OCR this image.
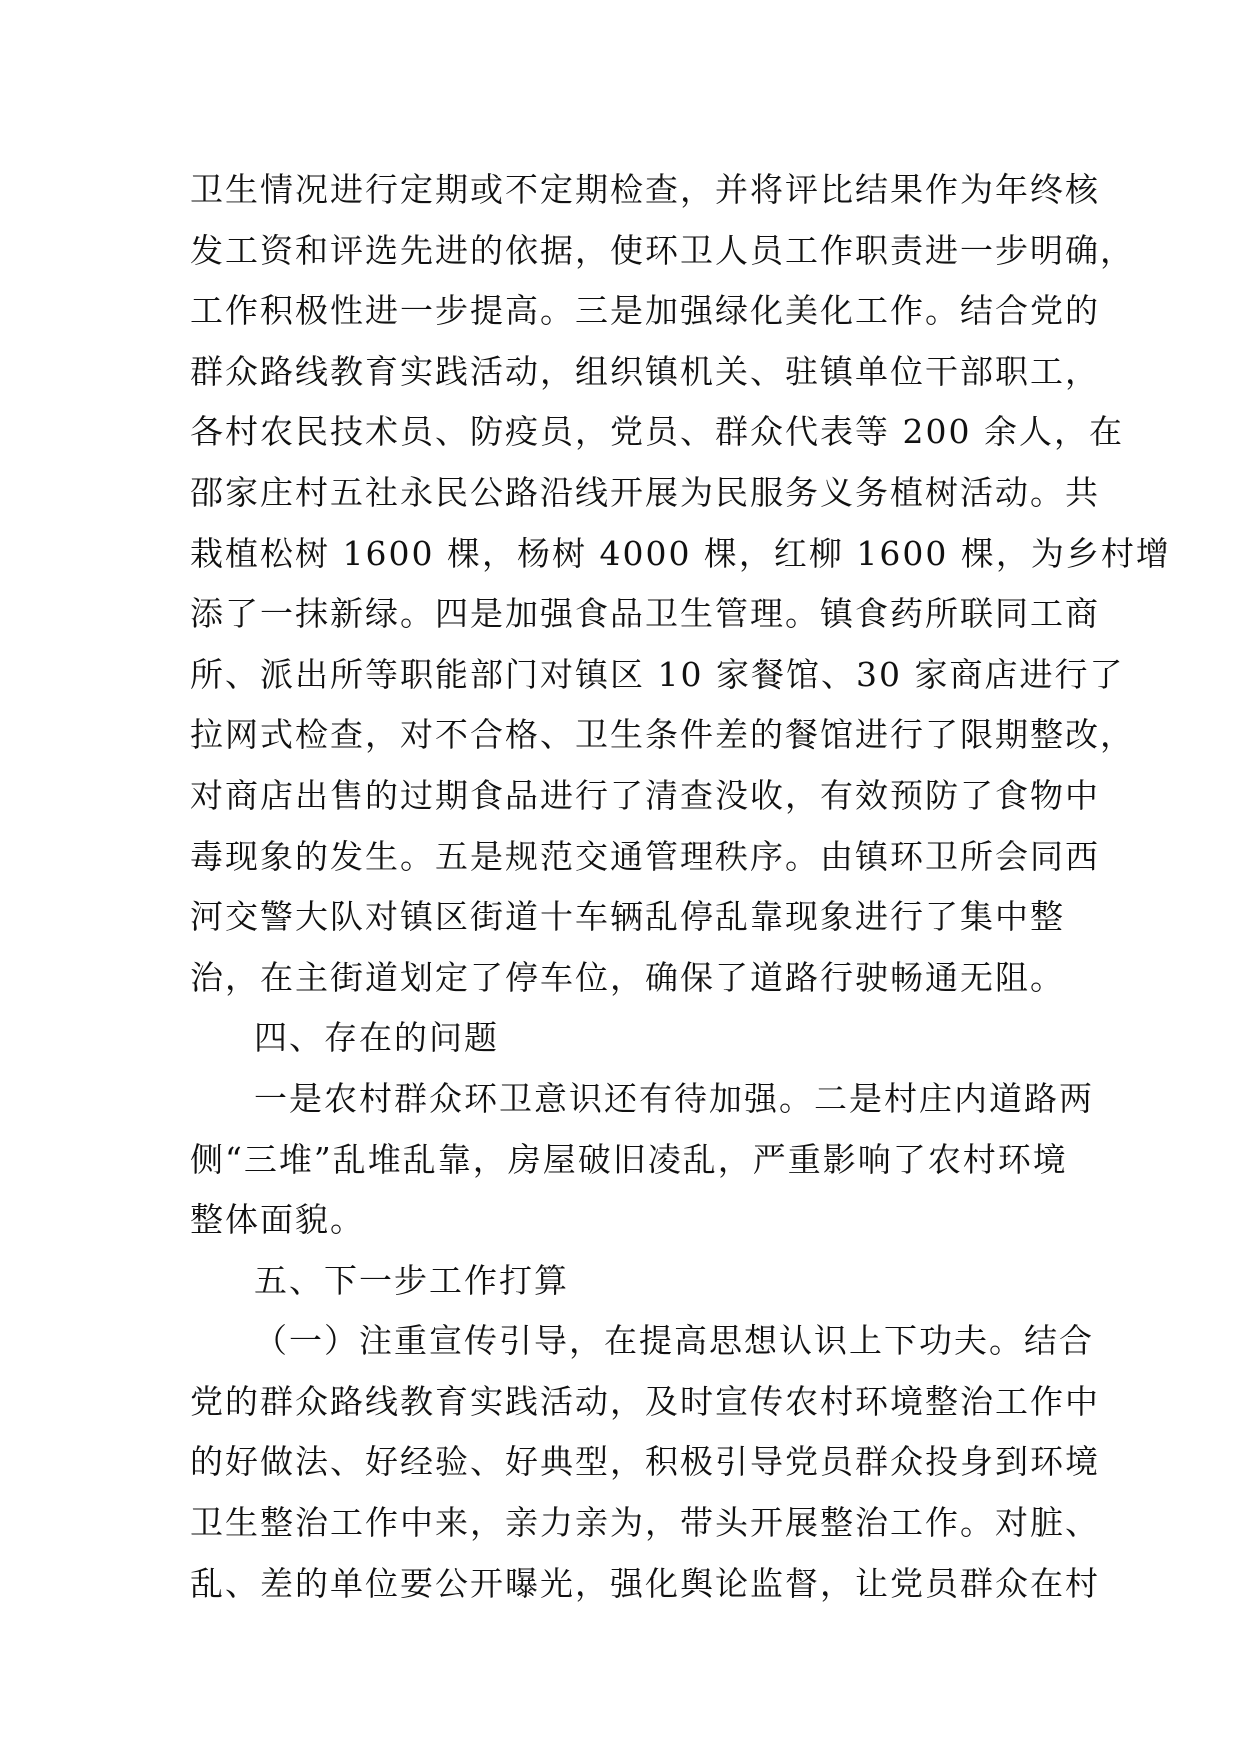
卫生情况进行定期或不定期检查，并将评比结果作为年终核
发工资和评选先进的依据，使环卫人员工作职责进一步明确，
工作积极性进一步提高。三是加强绿化美化工作。结合党的
群众路线教育实践活动，组织镇机关、驻镇单位干部职工，
各村农民技术员、防疫员，党员、群众代表等 200 余人，在
邵家庄村五社永民公路沿线开展为民服务义务植树活动。共
栽植松树 1600 棵，杨树 4000 棵，红柳 1600 棵，为乡村增
添了一抹新绿。四是加强食品卫生管理。镇食药所联同工商
所、派出所等职能部门对镇区 10 家餐馆、30 家商店进行了
拉网式检查，对不合格、卫生条件差的餐馆进行了限期整改，
对商店出售的过期食品进行了清查没收，有效预防了食物中
毒现象的发生。五是规范交通管理秩序。由镇环卫所会同西
河交警大队对镇区街道十车辆乱停乱靠现象进行了集中整
治，在主街道划定了停车位，确保了道路行驶畅通无阻。
四、存在的问题
一是农村群众环卫意识还有待加强。二是村庄内道路两
侧“三堆”乱堆乱靠，房屋破旧凌乱，严重影响了农村环境
整体面貌。
五、下一步工作打算
（一）注重宣传引导，在提高思想认识上下功夫。结合
党的群众路线教育实践活动，及时宣传农村环境整治工作中
的好做法、好经验、好典型，积极引导党员群众投身到环境
卫生整治工作中来，亲力亲为，带头开展整治工作。对脏、
乱、差的单位要公开曝光，强化舆论监督，让党员群众在村
